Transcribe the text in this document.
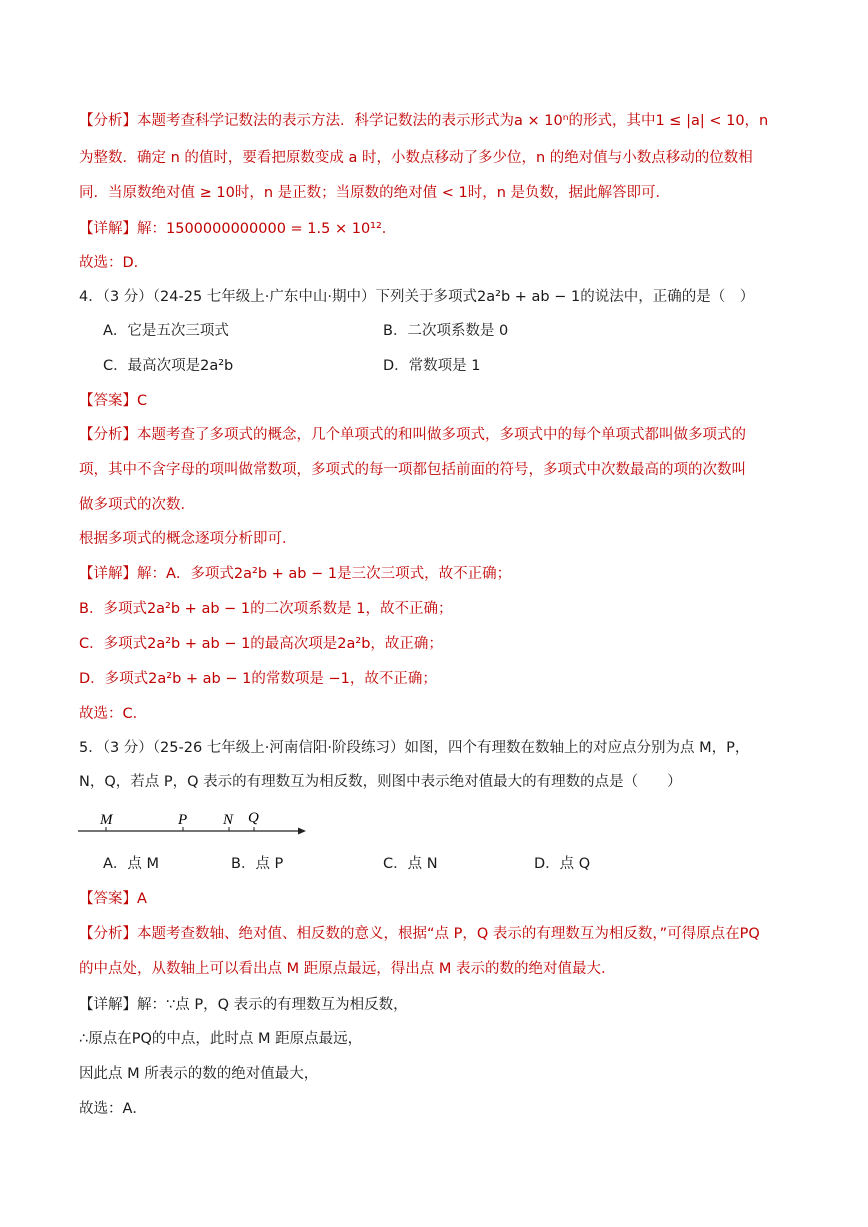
【分析】本题考查科学记数法的表示方法．科学记数法的表示形式为a × 10ⁿ的形式，其中1 ≤ |a| < 10，n
为整数．确定 n 的值时，要看把原数变成 a 时，小数点移动了多少位，n 的绝对值与小数点移动的位数相
同．当原数绝对值 ≥ 10时，n 是正数；当原数的绝对值 < 1时，n 是负数，据此解答即可．
【详解】解：1500000000000 = 1.5 × 10¹²．
故选：D．
4．（3 分）（24-25 七年级上·广东中山·期中）下列关于多项式2a²b + ab − 1的说法中，正确的是（　）
A．它是五次三项式	B．二次项系数是 0
C．最高次项是2a²b	D．常数项是 1
【答案】C
【分析】本题考查了多项式的概念，几个单项式的和叫做多项式，多项式中的每个单项式都叫做多项式的
项，其中不含字母的项叫做常数项，多项式的每一项都包括前面的符号，多项式中次数最高的项的次数叫
做多项式的次数．
根据多项式的概念逐项分析即可．
【详解】解：A．多项式2a²b + ab − 1是三次三项式，故不正确；
B．多项式2a²b + ab − 1的二次项系数是 1，故不正确；
C．多项式2a²b + ab − 1的最高次项是2a²b，故正确；
D．多项式2a²b + ab − 1的常数项是 −1，故不正确；
故选：C．
5．（3 分）（25-26 七年级上·河南信阳·阶段练习）如图，四个有理数在数轴上的对应点分别为点 M，P，
N，Q，若点 P，Q 表示的有理数互为相反数，则图中表示绝对值最大的有理数的点是（　　）
M	P N Q
A．点 M	B．点 P	C．点 N	D．点 Q
【答案】A
【分析】本题考查数轴、绝对值、相反数的意义，根据“点 P，Q 表示的有理数互为相反数，”可得原点在PQ
的中点处，从数轴上可以看出点 M 距原点最远，得出点 M 表示的数的绝对值最大．
【详解】解：∵点 P，Q 表示的有理数互为相反数，
∴原点在PQ的中点，此时点 M 距原点最远，
因此点 M 所表示的数的绝对值最大，
故选：A．
